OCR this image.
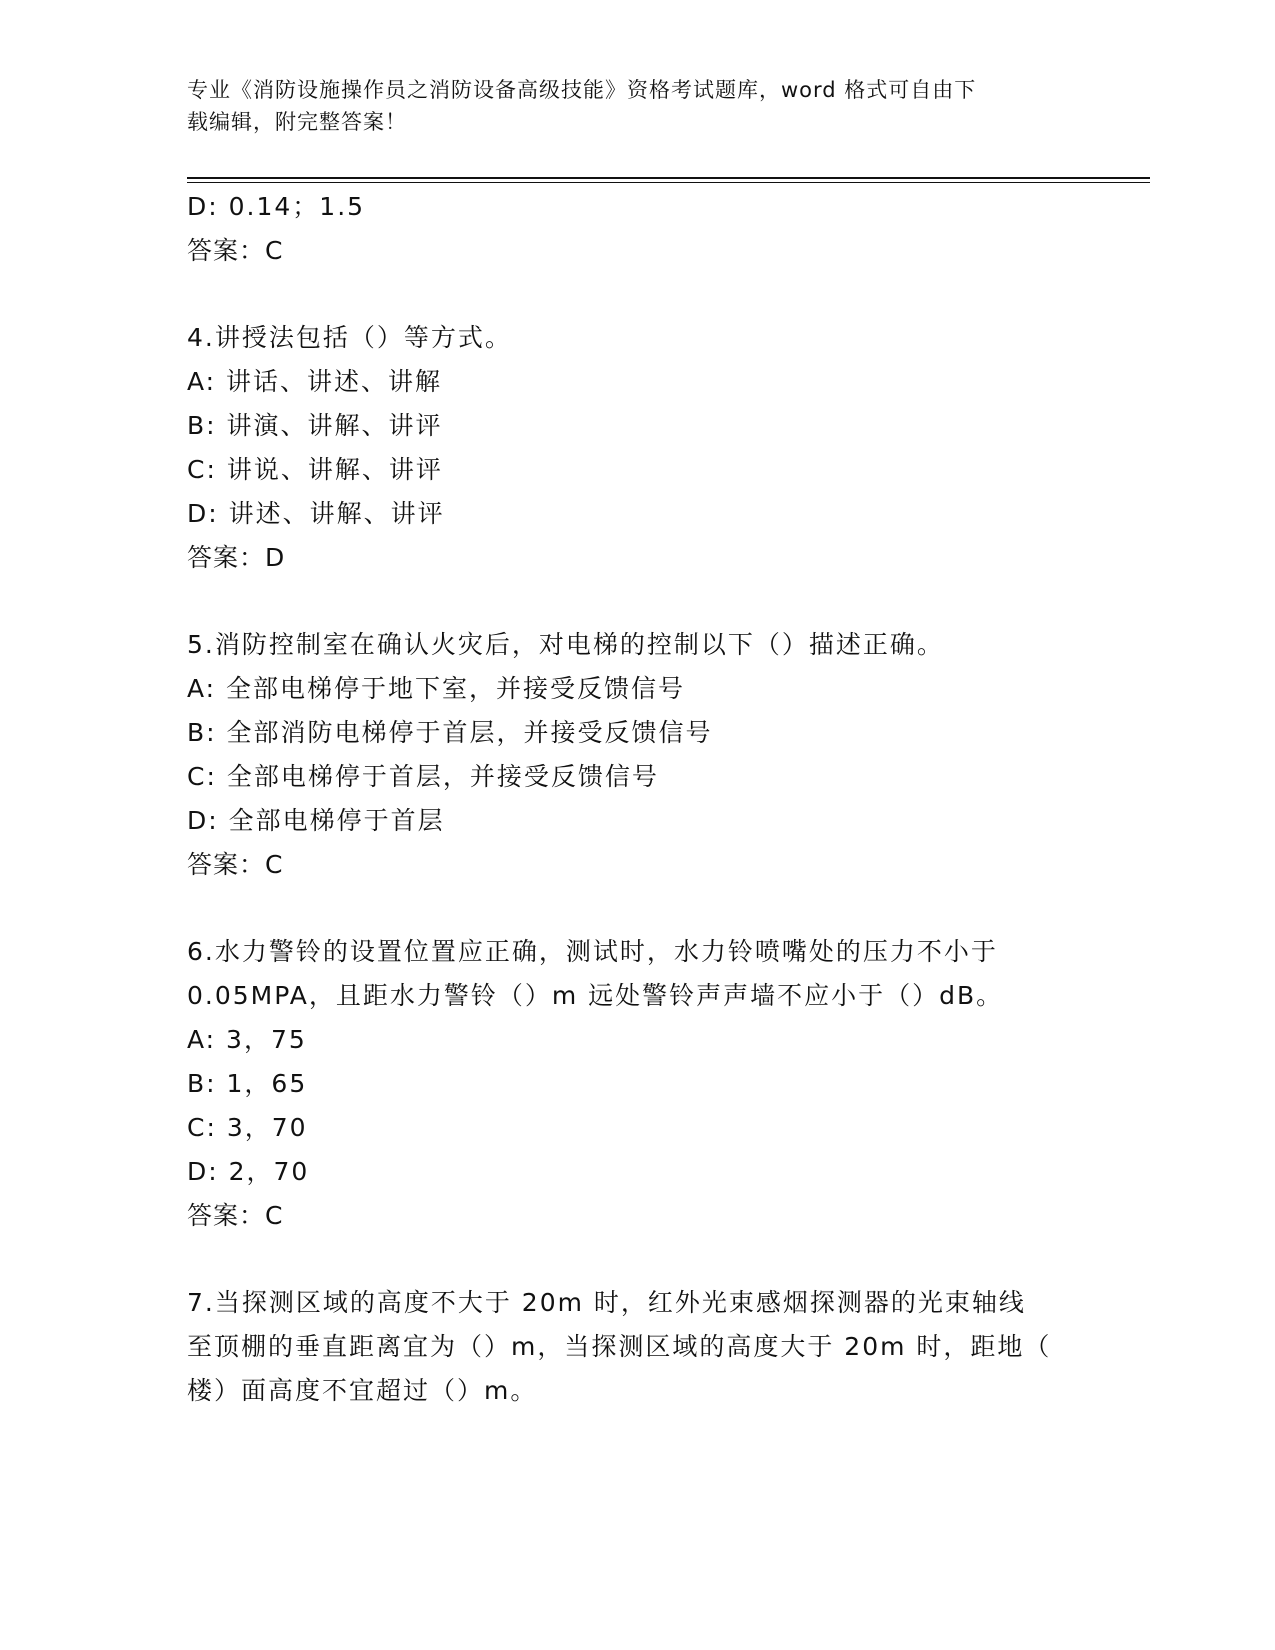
专业《消防设施操作员之消防设备高级技能》资格考试题库，word 格式可自由下
载编辑，附完整答案！

D: 0.14；1.5

答案：C

4.讲授法包括（）等方式。

A: 讲话、讲述、讲解

B: 讲演、讲解、讲评

C: 讲说、讲解、讲评

D: 讲述、讲解、讲评

答案：D

5.消防控制室在确认火灾后，对电梯的控制以下（）描述正确。

A: 全部电梯停于地下室，并接受反馈信号

B: 全部消防电梯停于首层，并接受反馈信号

C: 全部电梯停于首层，并接受反馈信号

D: 全部电梯停于首层

答案：C

6.水力警铃的设置位置应正确，测试时，水力铃喷嘴处的压力不小于

0.05MPA，且距水力警铃（）m 远处警铃声声墙不应小于（）dB。

A: 3，75

B: 1，65

C: 3，70

D: 2，70

答案：C

7.当探测区域的高度不大于 20m 时，红外光束感烟探测器的光束轴线

至顶棚的垂直距离宜为（）m，当探测区域的高度大于 20m 时，距地（

楼）面高度不宜超过（）m。
